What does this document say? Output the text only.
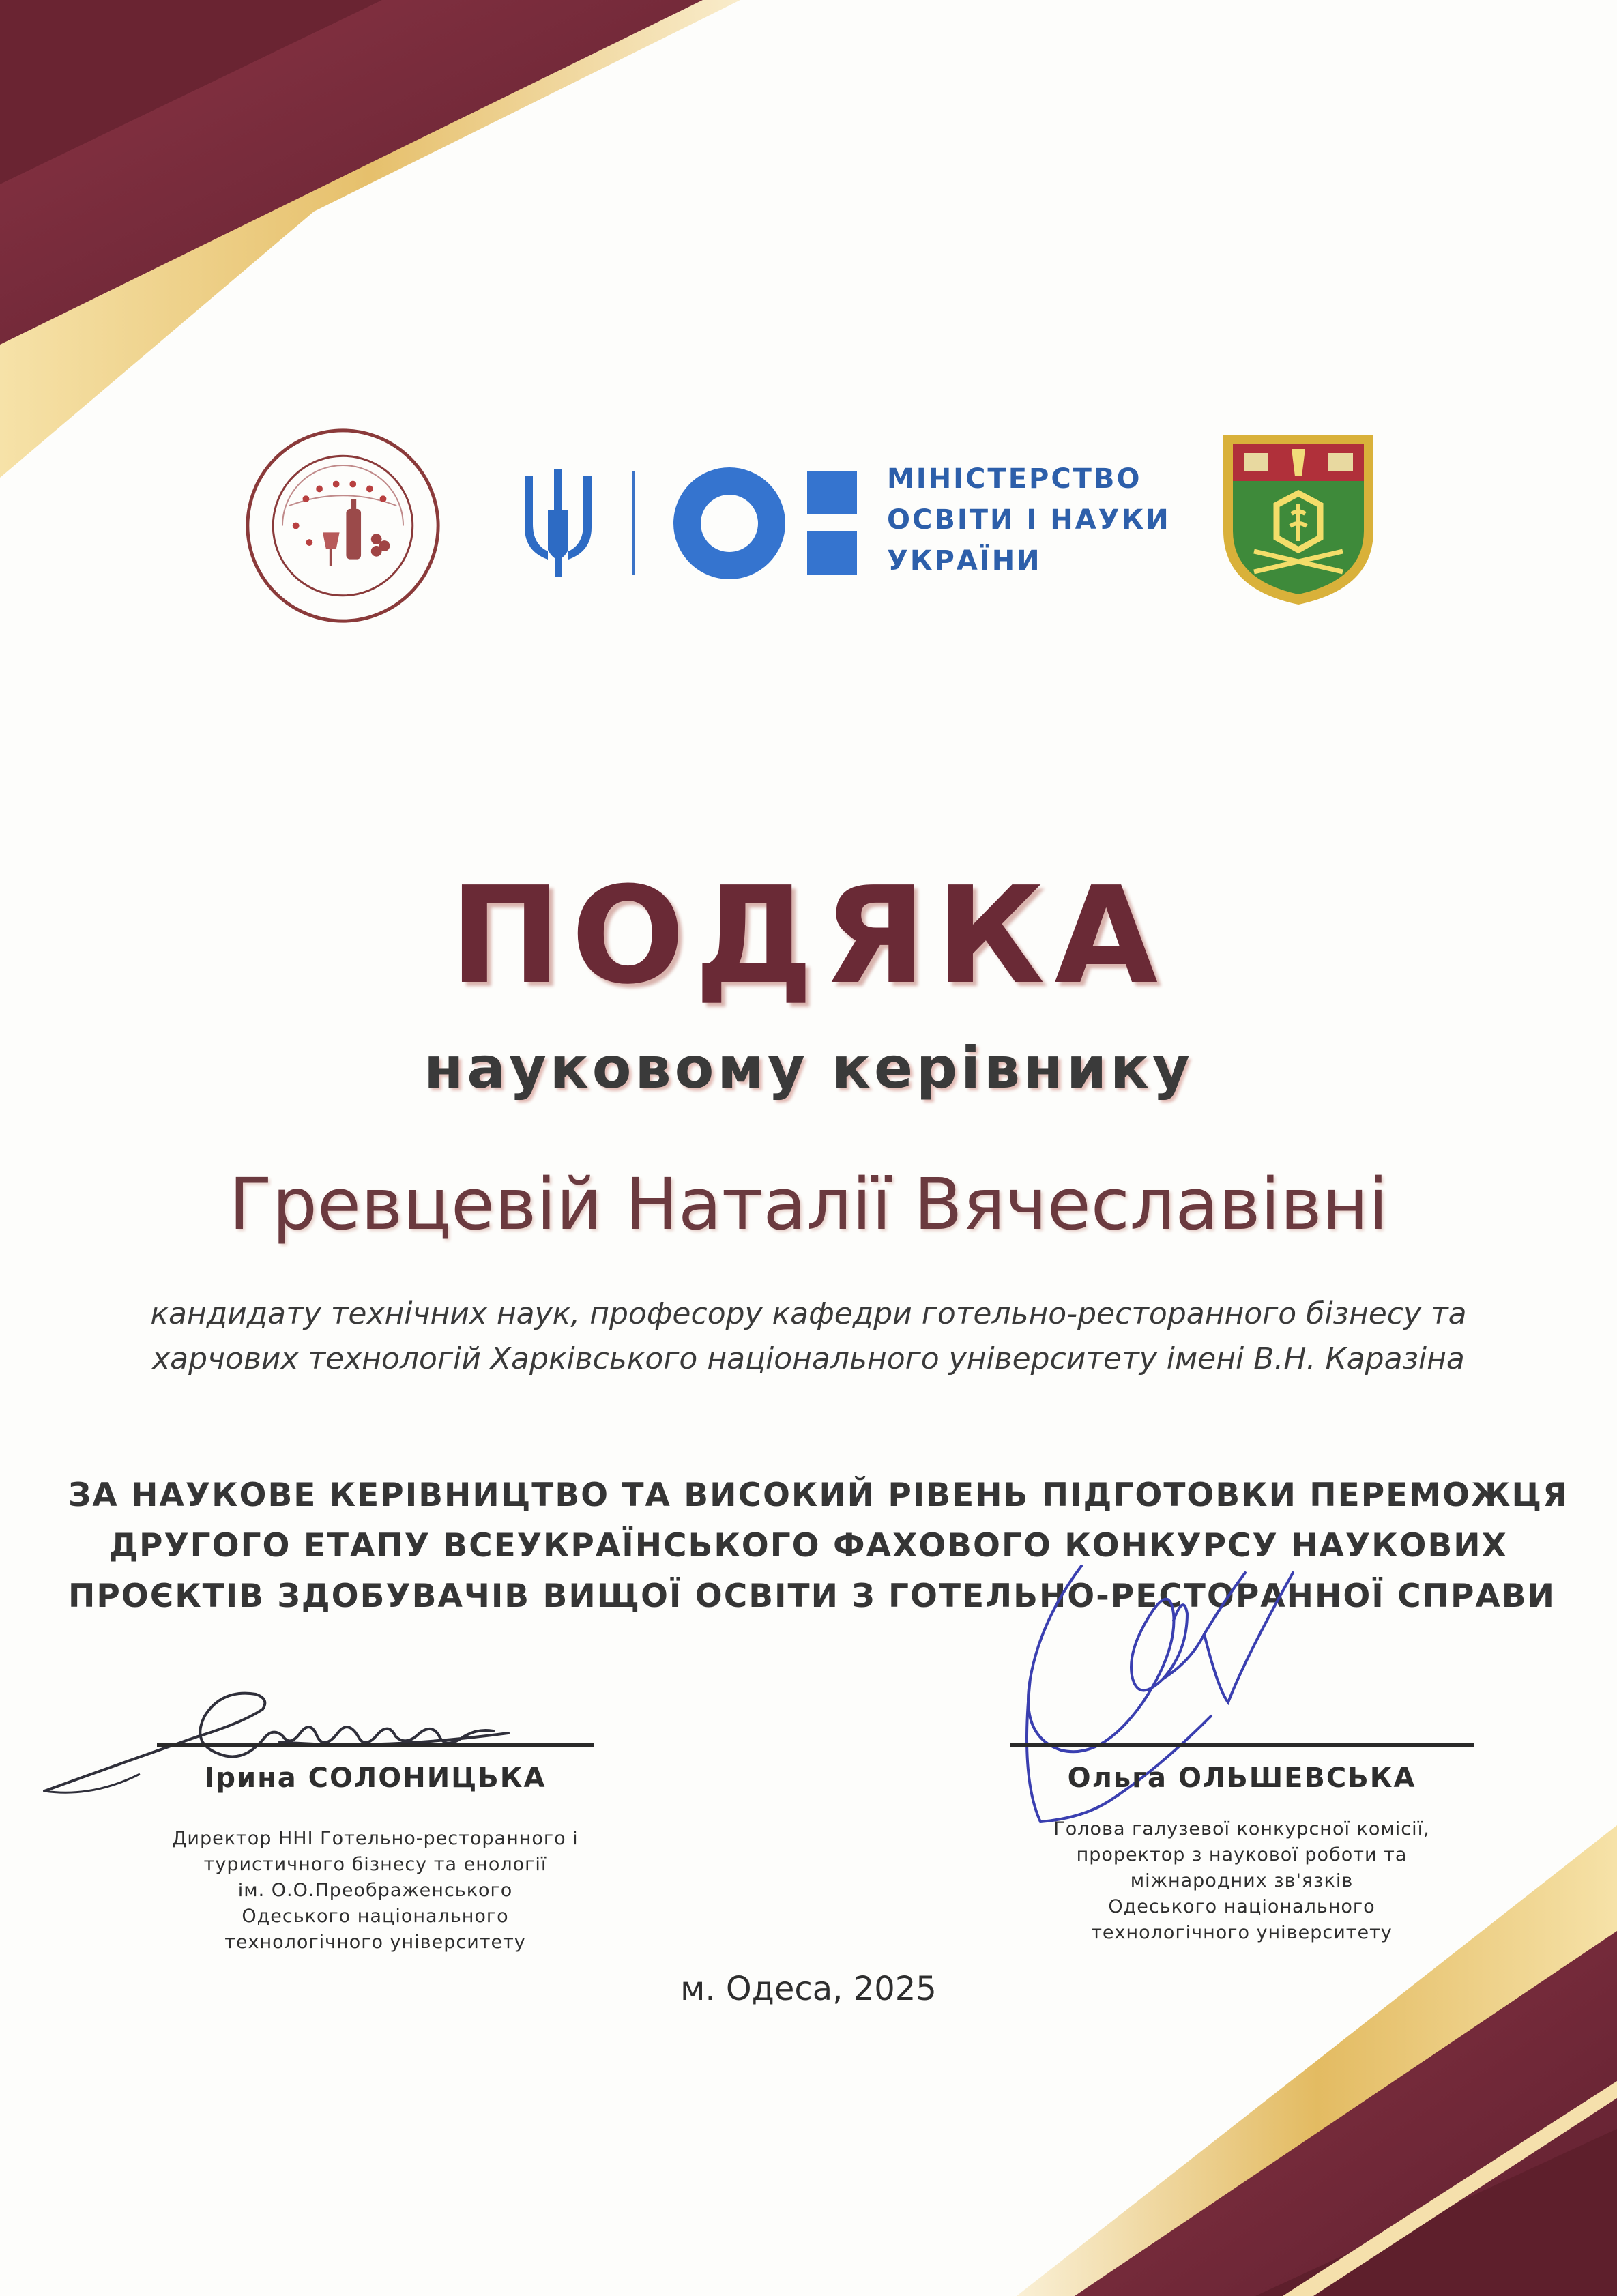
МІНІСТЕРСТВО
ОСВІТИ І НАУКИ
УКРАЇНИ
ПОДЯКА
науковому керівнику
Гревцевій Наталії Вячеславівні
кандидату технічних наук, професору кафедри готельно-ресторанного бізнесу та
харчових технологій Харківського національного університету імені В.Н. Каразіна
ЗА НАУКОВЕ КЕРІВНИЦТВО ТА ВИСОКИЙ РІВЕНЬ ПІДГОТОВКИ ПЕРЕМОЖЦЯ
ДРУГОГО ЕТАПУ ВСЕУКРАЇНСЬКОГО ФАХОВОГО КОНКУРСУ НАУКОВИХ
ПРОЄКТІВ ЗДОБУВАЧІВ ВИЩОЇ ОСВІТИ З ГОТЕЛЬНО-РЕСТОРАННОЇ СПРАВИ
Ірина СОЛОНИЦЬКА
Директор ННІ Готельно-ресторанного і
туристичного бізнесу та енології
ім. О.О.Преображенського
Одеського національного
технологічного університету
Ольга ОЛЬШЕВСЬКА
Голова галузевої конкурсної комісії,
проректор з наукової роботи та
міжнародних зв'язків
Одеського національного
технологічного університету
м. Одеса, 2025
